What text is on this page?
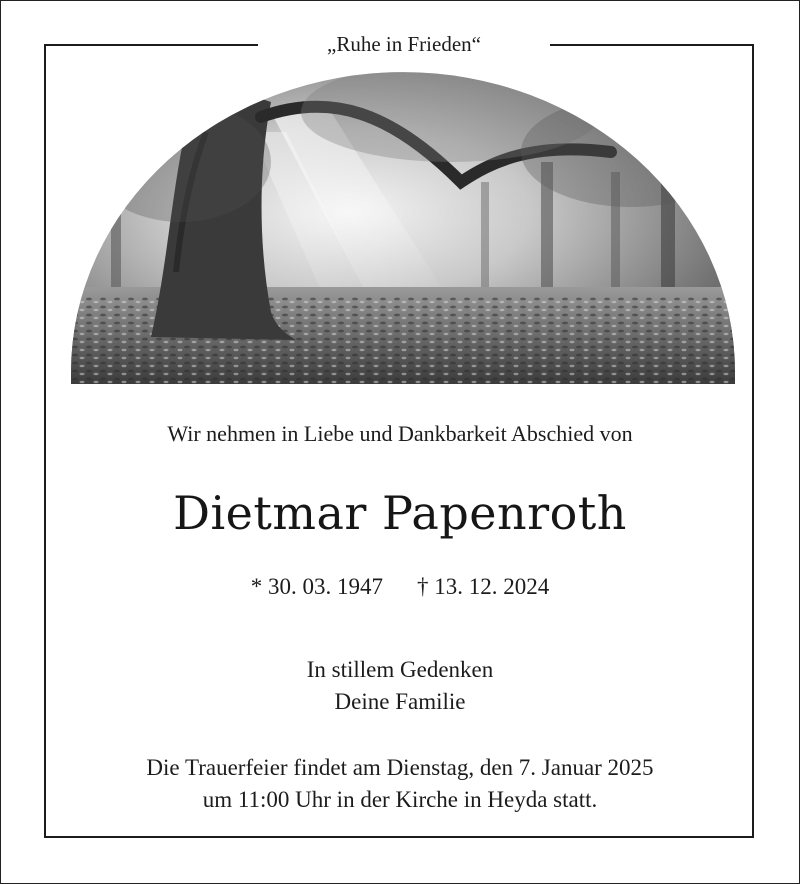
„Ruhe in Frieden“
Wir nehmen in Liebe und Dankbarkeit Abschied von
Dietmar Papenroth
* 30. 03. 1947 † 13. 12. 2024
In stillem Gedenken
Deine Familie
Die Trauerfeier findet am Dienstag, den 7. Januar 2025
um 11:00 Uhr in der Kirche in Heyda statt.
